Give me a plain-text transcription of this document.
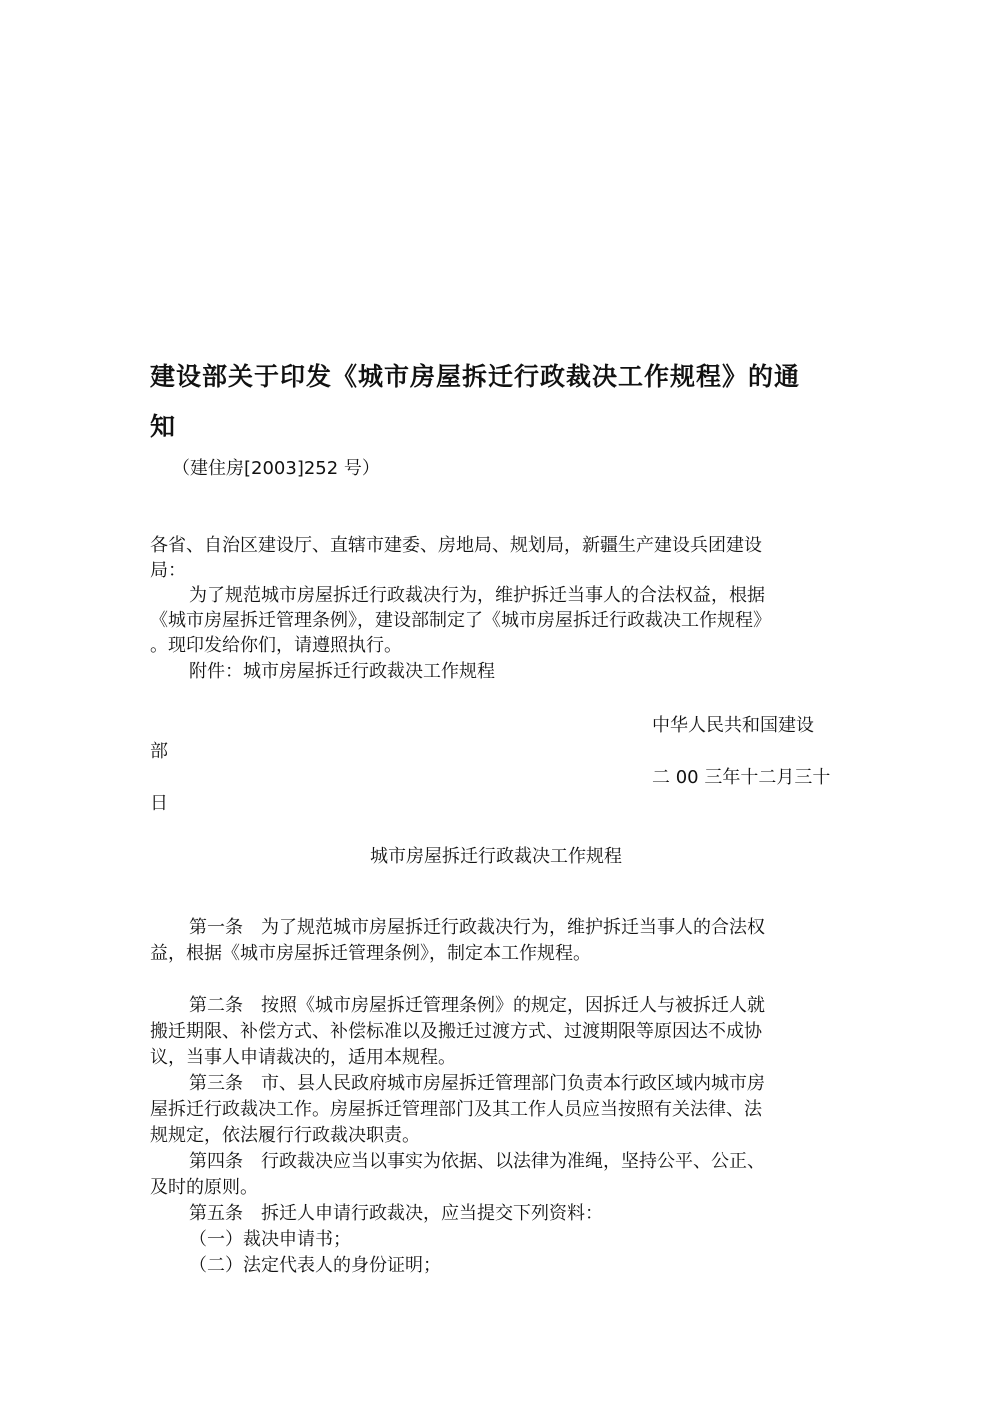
建设部关于印发《城市房屋拆迁行政裁决工作规程》的通
知
（建住房[2003]252 号）
各省、自治区建设厅、直辖市建委、房地局、规划局，新疆生产建设兵团建设
局：
为了规范城市房屋拆迁行政裁决行为，维护拆迁当事人的合法权益，根据
《城市房屋拆迁管理条例》，建设部制定了《城市房屋拆迁行政裁决工作规程》
。现印发给你们，请遵照执行。
附件：城市房屋拆迁行政裁决工作规程
中华人民共和国建设
部
二 00 三年十二月三十
日
城市房屋拆迁行政裁决工作规程
第一条　为了规范城市房屋拆迁行政裁决行为，维护拆迁当事人的合法权
益，根据《城市房屋拆迁管理条例》，制定本工作规程。
第二条　按照《城市房屋拆迁管理条例》的规定，因拆迁人与被拆迁人就
搬迁期限、补偿方式、补偿标准以及搬迁过渡方式、过渡期限等原因达不成协
议，当事人申请裁决的，适用本规程。
第三条　市、县人民政府城市房屋拆迁管理部门负责本行政区域内城市房
屋拆迁行政裁决工作。房屋拆迁管理部门及其工作人员应当按照有关法律、法
规规定，依法履行行政裁决职责。
第四条　行政裁决应当以事实为依据、以法律为准绳，坚持公平、公正、
及时的原则。
第五条　拆迁人申请行政裁决，应当提交下列资料：
（一）裁决申请书；
（二）法定代表人的身份证明；
